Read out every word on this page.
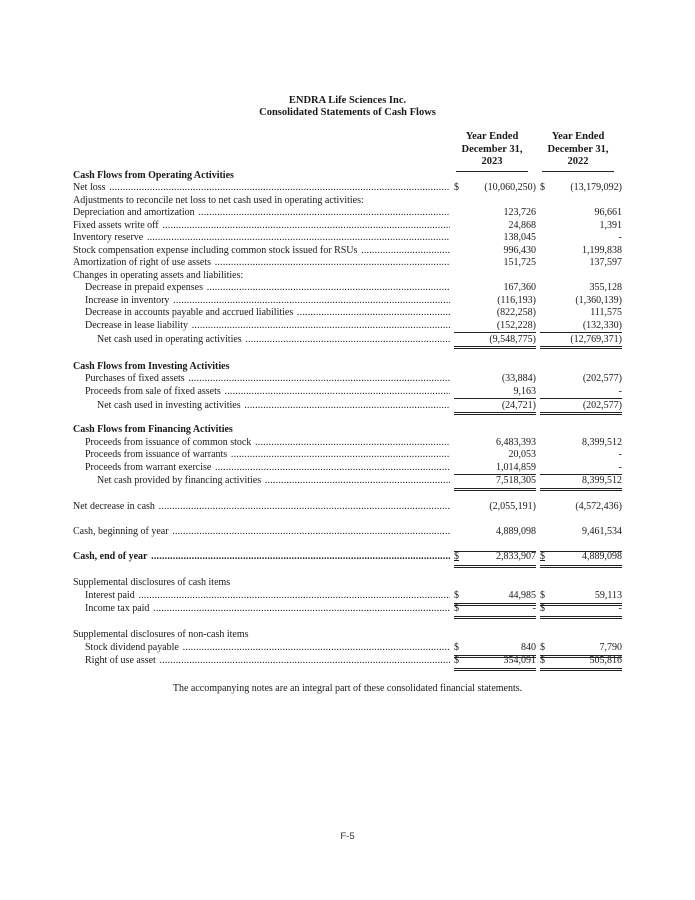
ENDRA Life Sciences Inc.
Consolidated Statements of Cash Flows
Year Ended
December 31,
2023
Year Ended
December 31,
2022
Cash Flows from Operating Activities
Net loss .....	$	(10,060,250) $	(13,179,092)
Adjustments to reconcile net loss to net cash used in operating activities:
Depreciation and amortization .....	123,726	96,661
Fixed assets write off .....	24,868	1,391
Inventory reserve .....	138,045	-
Stock compensation expense including common stock issued for RSUs .....	996,430	1,199,838
Amortization of right of use assets .....	151,725	137,597
Changes in operating assets and liabilities:
Decrease in prepaid expenses .....	167,360	355,128
Increase in inventory .....	(116,193)	(1,360,139)
Decrease in accounts payable and accrued liabilities .....	(822,258)	111,575
Decrease in lease liability .....	(152,228)	(132,330)
Net cash used in operating activities .....	(9,548,775)	(12,769,371)
Cash Flows from Investing Activities
Purchases of fixed assets .....	(33,884)	(202,577)
Proceeds from sale of fixed assets .....	9,163	-
Net cash used in investing activities .....	(24,721)	(202,577)
Cash Flows from Financing Activities
Proceeds from issuance of common stock .....	6,483,393	8,399,512
Proceeds from issuance of warrants .....	20,053	-
Proceeds from warrant exercise .....	1,014,859	-
Net cash provided by financing activities .....	7,518,305	8,399,512
Net decrease in cash .....	(2,055,191)	(4,572,436)
Cash, beginning of year .....	4,889,098	9,461,534
Cash, end of year .....	$	2,833,907 $	4,889,098
Supplemental disclosures of cash items
Interest paid .....	$	44,985 $	59,113
Income tax paid .....	$	- $	-
Supplemental disclosures of non-cash items
Stock dividend payable .....	$	840 $	7,790
Right of use asset .....	$	354,091 $	505,816
The accompanying notes are an integral part of these consolidated financial statements.
F-5
